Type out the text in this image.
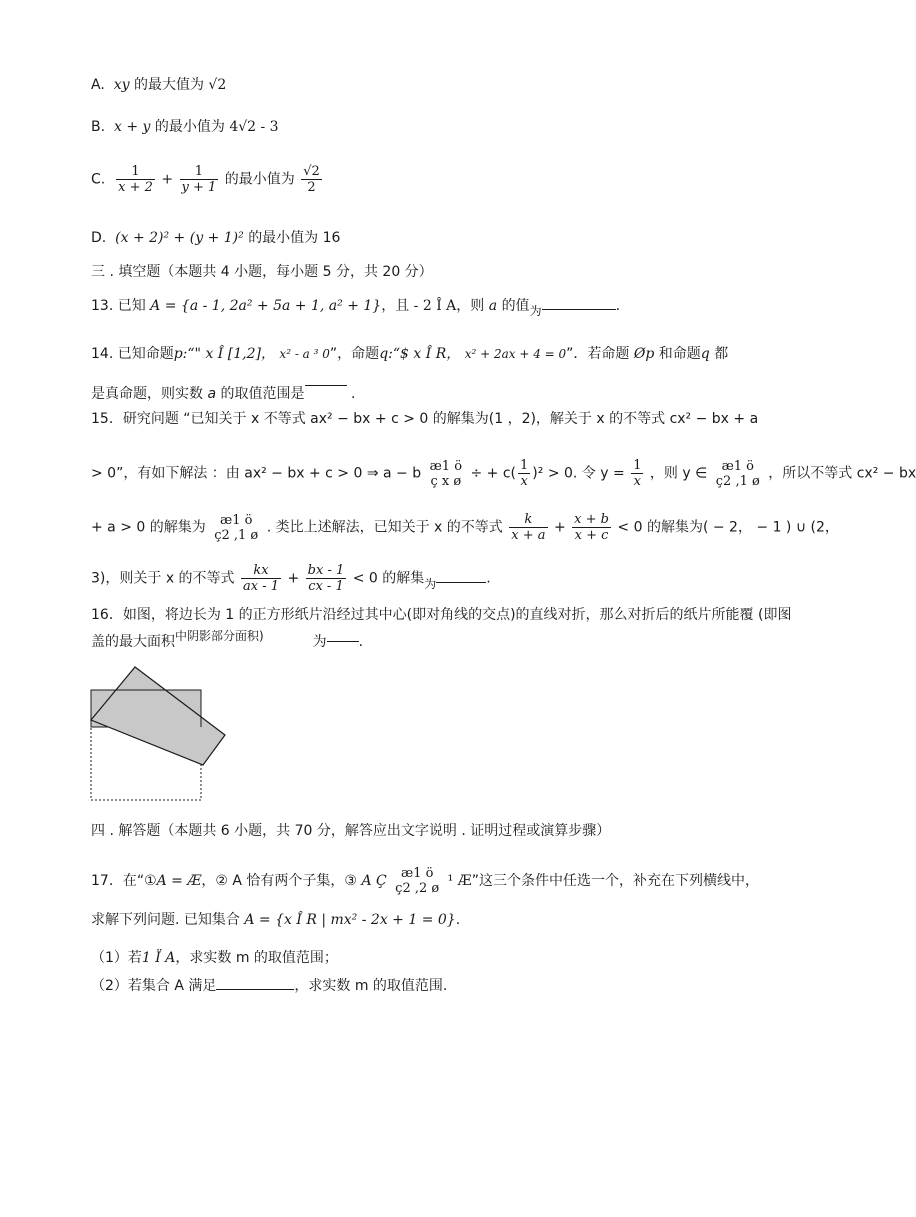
A. xy 的最大值为 √2
B. x + y 的最小值为 4√2 - 3
C. $\frac{1}{x + 2} + \frac{1}{y + 1}$ 的最小值为 $\frac{√2}{2}$
D. (x + 2)² + (y + 1)² 的最小值为 16
三 . 填空题（本题共 4 小题，每小题 5 分，共 20 分）
13. 已知 A = {a - 1, 2a² + 5a + 1, a² + 1}，且 - 2 Î A，则 a 的值为	.
14. 已知命题p:“" x Î [1,2]， x² - a ³ 0”，命题q:“$ x Î R， x² + 2ax + 4 = 0”．若命题 Øp 和命题q 都
是真命题，则实数 a 的取值范围是	.
15．研究问题 “已知关于 x 不等式 ax² − bx + c > 0 的解集为(1 ，2)，解关于 x 的不等式 cx² − bx + a
> 0”，有如下解法 ：由 ax² − bx + c > 0 ⇒ a − b æ1 ö
ç x ø ÷ + $c( \frac{1}{x} )^2 > 0$. 令 $y = \frac{1}{x}$ ，则 y ∈	æ1 ö
ç2 ,1 ø ，所以不等式 cx² − bx
+ a > 0 的解集为	æ1 ö
ç2 ,1 ø . 类比上述解法，已知关于 x 的不等式 $\frac{k}{x + a} + \frac{x + b}{x + c} < 0$ 的解集为( − 2， − 1 ) ∪ (2，
3)，则关于 x 的不等式 $\frac{kx}{ax - 1} + \frac{bx - 1}{cx - 1} < 0$ 的解集为	.
16．如图，将边长为 1 的正方形纸片沿经过其中心(即对角线的交点)的直线对折，那么对折后的纸片所能覆 (即图
盖的最大面积中阴影部分面积)	为 .
四 . 解答题（本题共 6 小题，共 70 分，解答应出文字说明 . 证明过程或演算步骤）
17．在“①A = Æ，② A 恰有两个子集，③ A Ç	æ1 ö
ç2 ,2 ø ¹ Æ”这三个条件中任选一个，补充在下列横线中，
求解下列问题. 已知集合 A = {x Î R | mx² - 2x + 1 = 0}.
（1）若1 Ï A，求实数 m 的取值范围；
（2）若集合 A 满足	，求实数 m 的取值范围.
